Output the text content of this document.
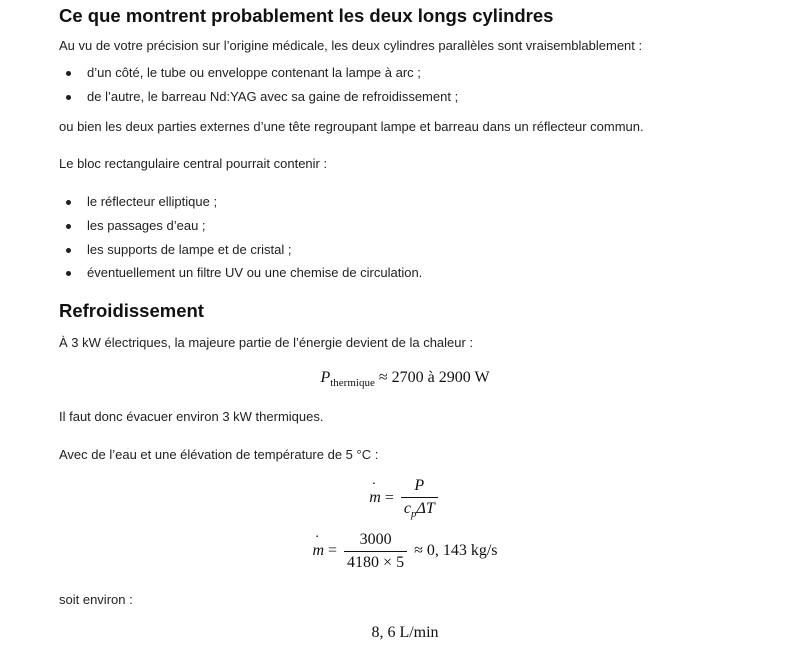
Ce que montrent probablement les deux longs cylindres

Au vu de votre précision sur l’origine médicale, les deux cylindres parallèles sont vraisemblablement :

d’un côté, le tube ou enveloppe contenant la lampe à arc ;
de l’autre, le barreau Nd:YAG avec sa gaine de refroidissement ;

ou bien les deux parties externes d’une tête regroupant lampe et barreau dans un réflecteur commun.

Le bloc rectangulaire central pourrait contenir :

le réflecteur elliptique ;
les passages d’eau ;
les supports de lampe et de cristal ;
éventuellement un filtre UV ou une chemise de circulation.
Refroidissement

À 3 kW électriques, la majeure partie de l’énergie devient de la chaleur :

$P_{thermique} \approx 2700$ à 2900 W

Il faut donc évacuer environ 3 kW thermiques.

Avec de l’eau et une élévation de température de 5 °C :

˙ $m = \frac{P}{c_p\Delta T}$
˙ $m = \frac{3000}{4180 \times 5} \approx 0$, 143 kg/s

soit environ :

8, 6 L/min
